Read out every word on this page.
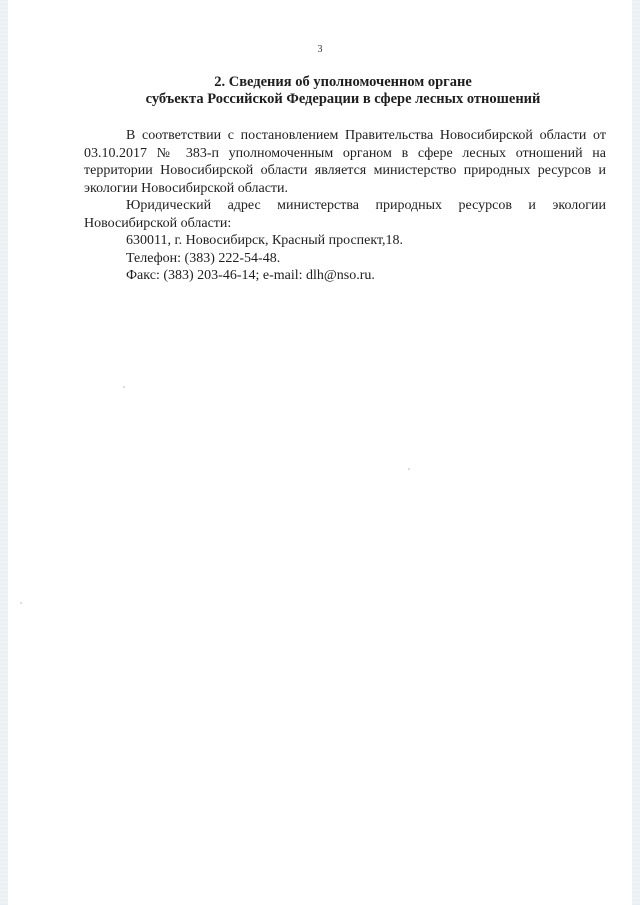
3
2. Сведения об уполномоченном органе
субъекта Российской Федерации в сфере лесных отношений

В соответствии с постановлением Правительства Новосибирской области от 03.10.2017 № 383-п уполномоченным органом в сфере лесных отношений на территории Новосибирской области является министерство природных ресурсов и экологии Новосибирской области.

Юридический адрес министерства природных ресурсов и экологии Новосибирской области:

630011, г. Новосибирск, Красный проспект,18.

Телефон: (383) 222-54-48.

Факс: (383) 203-46-14; e-mail: dlh@nso.ru.
